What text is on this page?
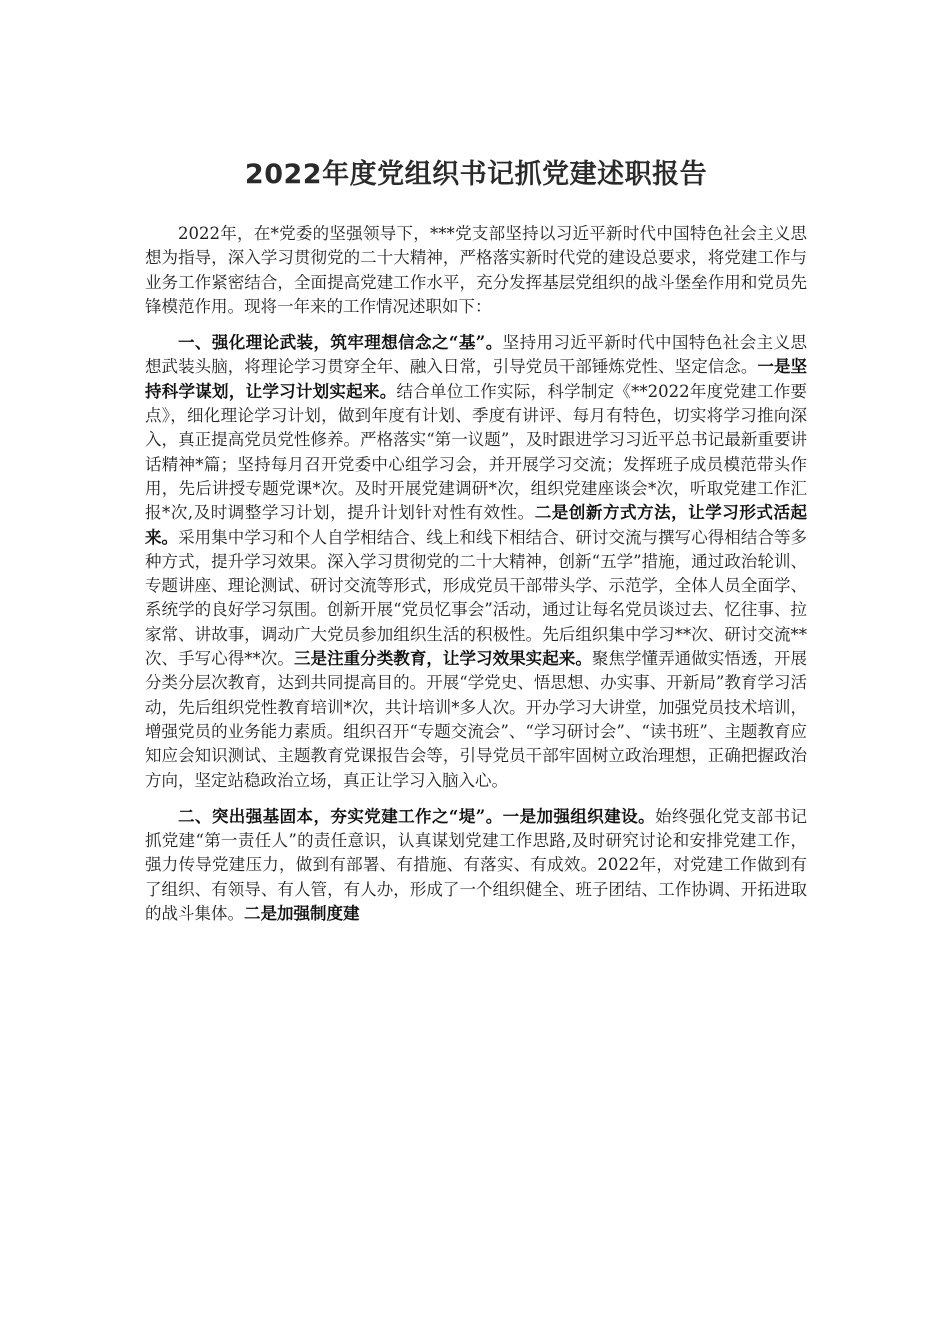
2022年度党组织书记抓党建述职报告

2022年，在*党委的坚强领导下，***党支部坚持以习近平新时代中国特色社会主义思想为指导，深入学习贯彻党的二十大精神，严格落实新时代党的建设总要求，将党建工作与业务工作紧密结合，全面提高党建工作水平，充分发挥基层党组织的战斗堡垒作用和党员先锋模范作用。现将一年来的工作情况述职如下：

一、强化理论武装，筑牢理想信念之“基”。坚持用习近平新时代中国特色社会主义思想武装头脑，将理论学习贯穿全年、融入日常，引导党员干部锤炼党性、坚定信念。一是坚持科学谋划，让学习计划实起来。结合单位工作实际，科学制定《**2022年度党建工作要点》，细化理论学习计划，做到年度有计划、季度有讲评、每月有特色，切实将学习推向深入，真正提高党员党性修养。严格落实“第一议题”，及时跟进学习习近平总书记最新重要讲话精神*篇；坚持每月召开党委中心组学习会，并开展学习交流；发挥班子成员模范带头作用，先后讲授专题党课*次。及时开展党建调研*次，组织党建座谈会*次，听取党建工作汇报*次,及时调整学习计划，提升计划针对性有效性。二是创新方式方法，让学习形式活起来。采用集中学习和个人自学相结合、线上和线下相结合、研讨交流与撰写心得相结合等多种方式，提升学习效果。深入学习贯彻党的二十大精神，创新“五学”措施，通过政治轮训、专题讲座、理论测试、研讨交流等形式，形成党员干部带头学、示范学，全体人员全面学、系统学的良好学习氛围。创新开展“党员忆事会”活动，通过让每名党员谈过去、忆往事、拉家常、讲故事，调动广大党员参加组织生活的积极性。先后组织集中学习**次、研讨交流**次、手写心得**次。三是注重分类教育，让学习效果实起来。聚焦学懂弄通做实悟透，开展分类分层次教育，达到共同提高目的。开展“学党史、悟思想、办实事、开新局”教育学习活动，先后组织党性教育培训*次，共计培训*多人次。开办学习大讲堂，加强党员技术培训，增强党员的业务能力素质。组织召开“专题交流会”、“学习研讨会”、“读书班”、主题教育应知应会知识测试、主题教育党课报告会等，引导党员干部牢固树立政治理想，正确把握政治方向，坚定站稳政治立场，真正让学习入脑入心。

二、突出强基固本，夯实党建工作之“堤”。一是加强组织建设。始终强化党支部书记抓党建“第一责任人”的责任意识，认真谋划党建工作思路,及时研究讨论和安排党建工作，强力传导党建压力，做到有部署、有措施、有落实、有成效。2022年，对党建工作做到有了组织、有领导、有人管，有人办，形成了一个组织健全、班子团结、工作协调、开拓进取的战斗集体。二是加强制度建
